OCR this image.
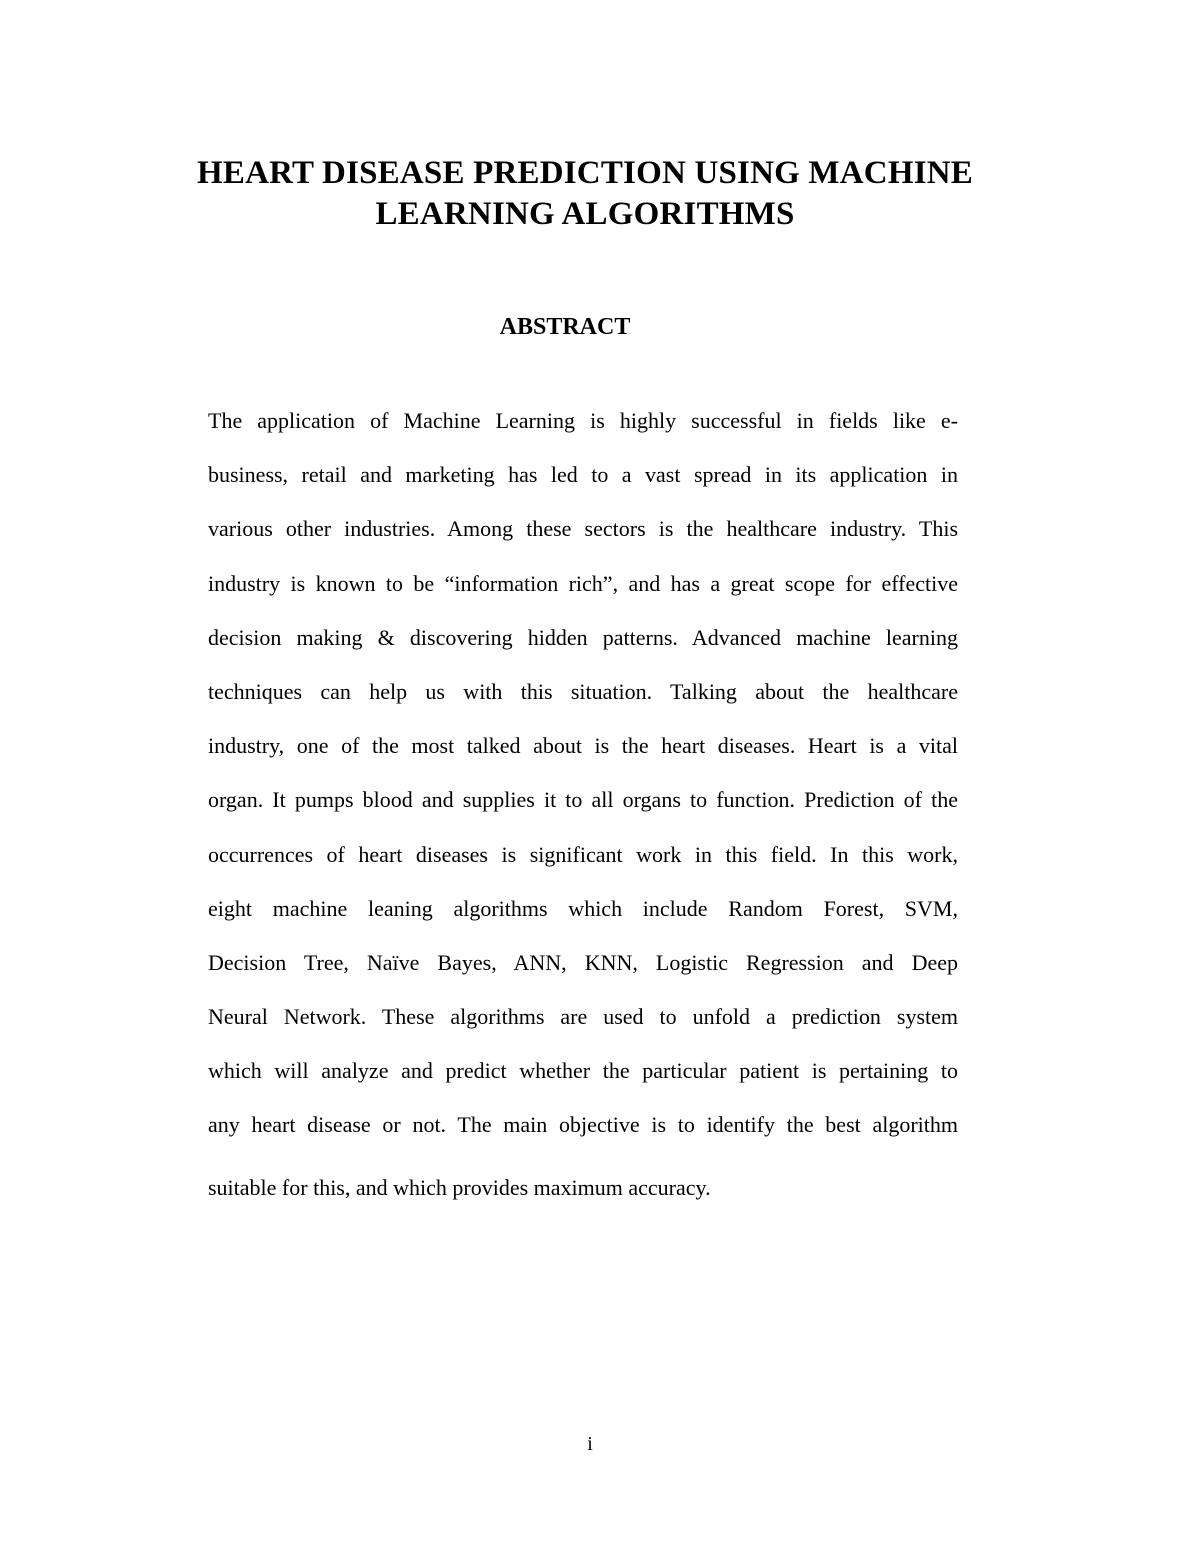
HEART DISEASE PREDICTION USING MACHINE
LEARNING ALGORITHMS
ABSTRACT
The application of Machine Learning is highly successful in fields like e-
business, retail and marketing has led to a vast spread in its application in
various other industries. Among these sectors is the healthcare industry. This
industry is known to be “information rich”, and has a great scope for effective
decision making & discovering hidden patterns. Advanced machine learning
techniques can help us with this situation. Talking about the healthcare
industry, one of the most talked about is the heart diseases. Heart is a vital
organ. It pumps blood and supplies it to all organs to function. Prediction of the
occurrences of heart diseases is significant work in this field. In this work,
eight machine leaning algorithms which include Random Forest, SVM,
Decision Tree, Naïve Bayes, ANN, KNN, Logistic Regression and Deep
Neural Network. These algorithms are used to unfold a prediction system
which will analyze and predict whether the particular patient is pertaining to
any heart disease or not. The main objective is to identify the best algorithm
suitable for this, and which provides maximum accuracy.
i
